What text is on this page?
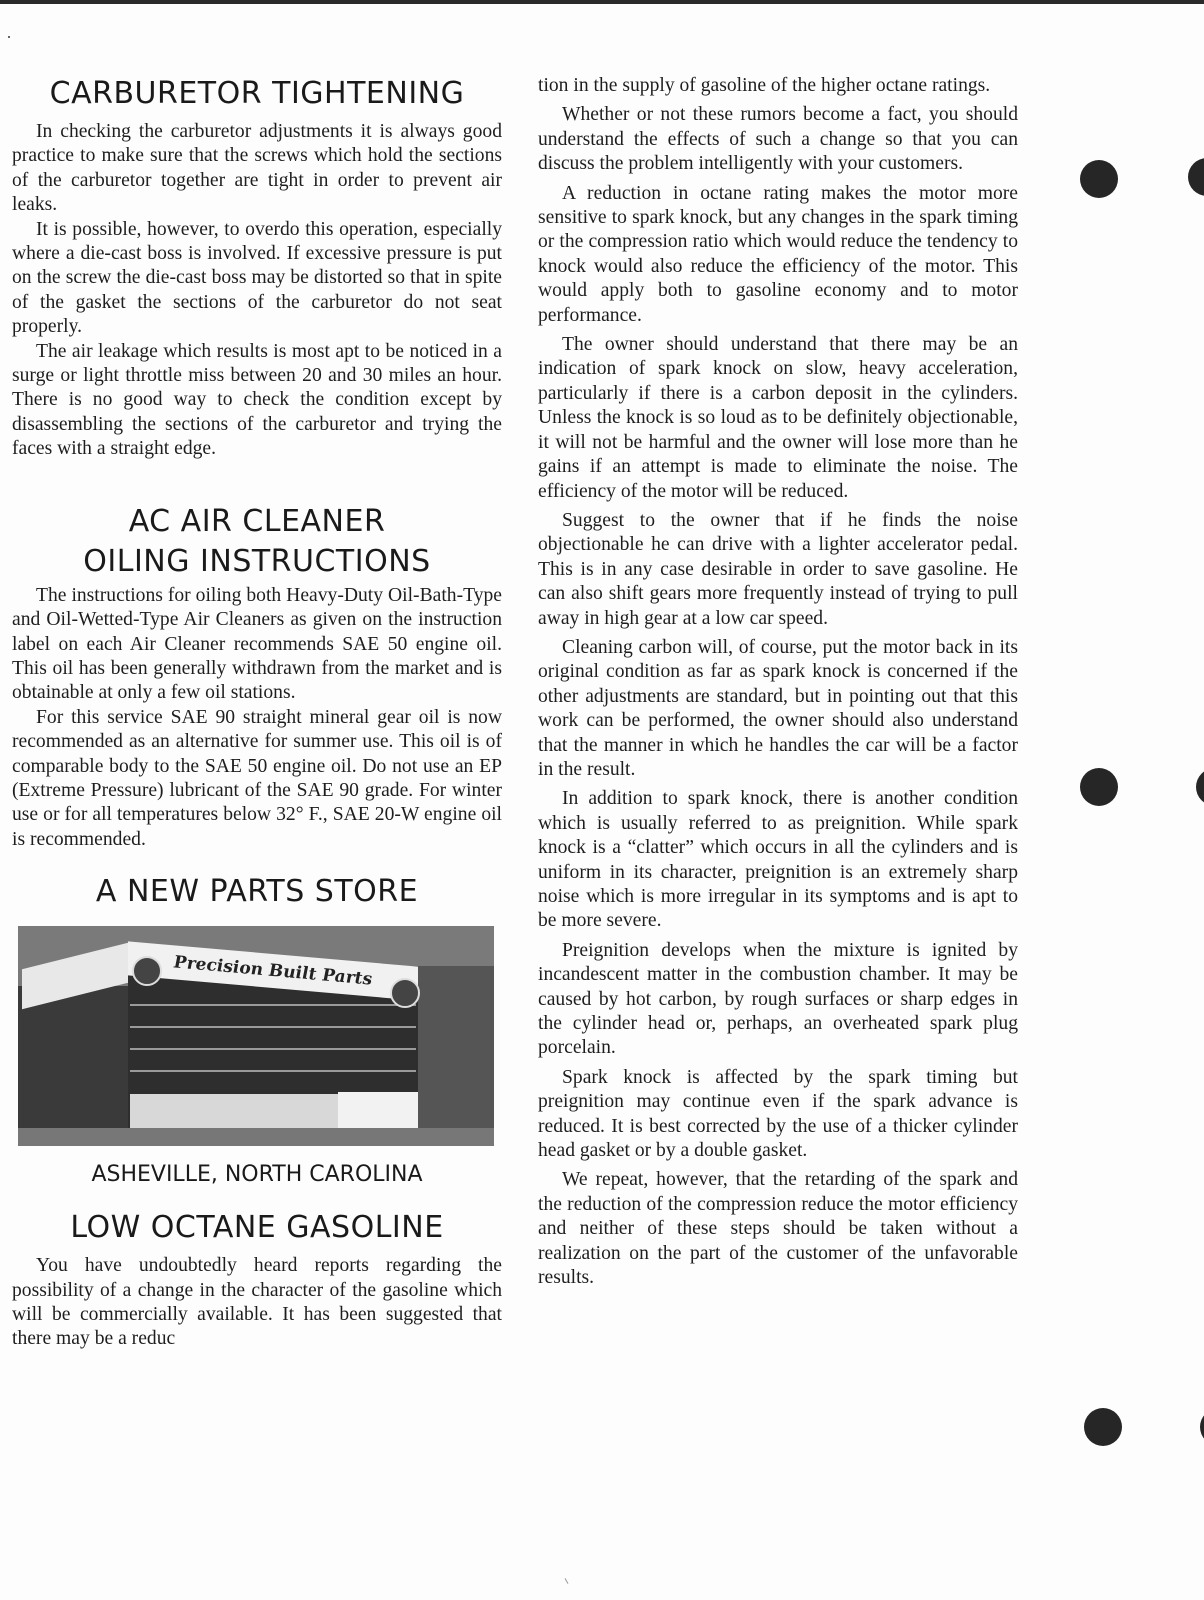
CARBURETOR TIGHTENING

In checking the carburetor adjustments it is always good practice to make sure that the screws which hold the sections of the carburetor together are tight in order to prevent air leaks.

It is possible, however, to overdo this operation, especially where a die-cast boss is involved. If excessive pressure is put on the screw the die-cast boss may be distorted so that in spite of the gasket the sections of the carburetor do not seat properly.

The air leakage which results is most apt to be noticed in a surge or light throttle miss between 20 and 30 miles an hour. There is no good way to check the condition except by disassembling the sections of the carburetor and trying the faces with a straight edge.

AC AIR CLEANER
OILING INSTRUCTIONS

The instructions for oiling both Heavy-Duty Oil-Bath-Type and Oil-Wetted-Type Air Cleaners as given on the instruction label on each Air Cleaner recommends SAE 50 engine oil. This oil has been generally withdrawn from the market and is obtainable at only a few oil stations.

For this service SAE 90 straight mineral gear oil is now recommended as an alternative for summer use. This oil is of comparable body to the SAE 50 engine oil. Do not use an EP (Extreme Pressure) lubricant of the SAE 90 grade. For winter use or for all temperatures below 32° F., SAE 20-W engine oil is recommended.

A NEW PARTS STORE
Precision Built Parts
ASHEVILLE, NORTH CAROLINA
LOW OCTANE GASOLINE

You have undoubtedly heard reports regarding the possibility of a change in the character of the gasoline which will be commercially available. It has been suggested that there may be a reduc

tion in the supply of gasoline of the higher octane ratings.

Whether or not these rumors become a fact, you should understand the effects of such a change so that you can discuss the problem intelligently with your customers.

A reduction in octane rating makes the motor more sensitive to spark knock, but any changes in the spark timing or the compression ratio which would reduce the tendency to knock would also reduce the efficiency of the motor. This would apply both to gasoline economy and to motor performance.

The owner should understand that there may be an indication of spark knock on slow, heavy acceleration, particularly if there is a carbon deposit in the cylinders. Unless the knock is so loud as to be definitely objectionable, it will not be harmful and the owner will lose more than he gains if an attempt is made to eliminate the noise. The efficiency of the motor will be reduced.

Suggest to the owner that if he finds the noise objectionable he can drive with a lighter accelerator pedal. This is in any case desirable in order to save gasoline. He can also shift gears more frequently instead of trying to pull away in high gear at a low car speed.

Cleaning carbon will, of course, put the motor back in its original condition as far as spark knock is concerned if the other adjustments are standard, but in pointing out that this work can be performed, the owner should also understand that the manner in which he handles the car will be a factor in the result.

In addition to spark knock, there is another condition which is usually referred to as preignition. While spark knock is a “clatter” which occurs in all the cylinders and is uniform in its character, preignition is an extremely sharp noise which is more irregular in its symptoms and is apt to be more severe.

Preignition develops when the mixture is ignited by incandescent matter in the combustion chamber. It may be caused by hot carbon, by rough surfaces or sharp edges in the cylinder head or, perhaps, an overheated spark plug porcelain.

Spark knock is affected by the spark timing but preignition may continue even if the spark advance is reduced. It is best corrected by the use of a thicker cylinder head gasket or by a double gasket.

We repeat, however, that the retarding of the spark and the reduction of the compression reduce the motor efficiency and neither of these steps should be taken without a realization on the part of the customer of the unfavorable results.
